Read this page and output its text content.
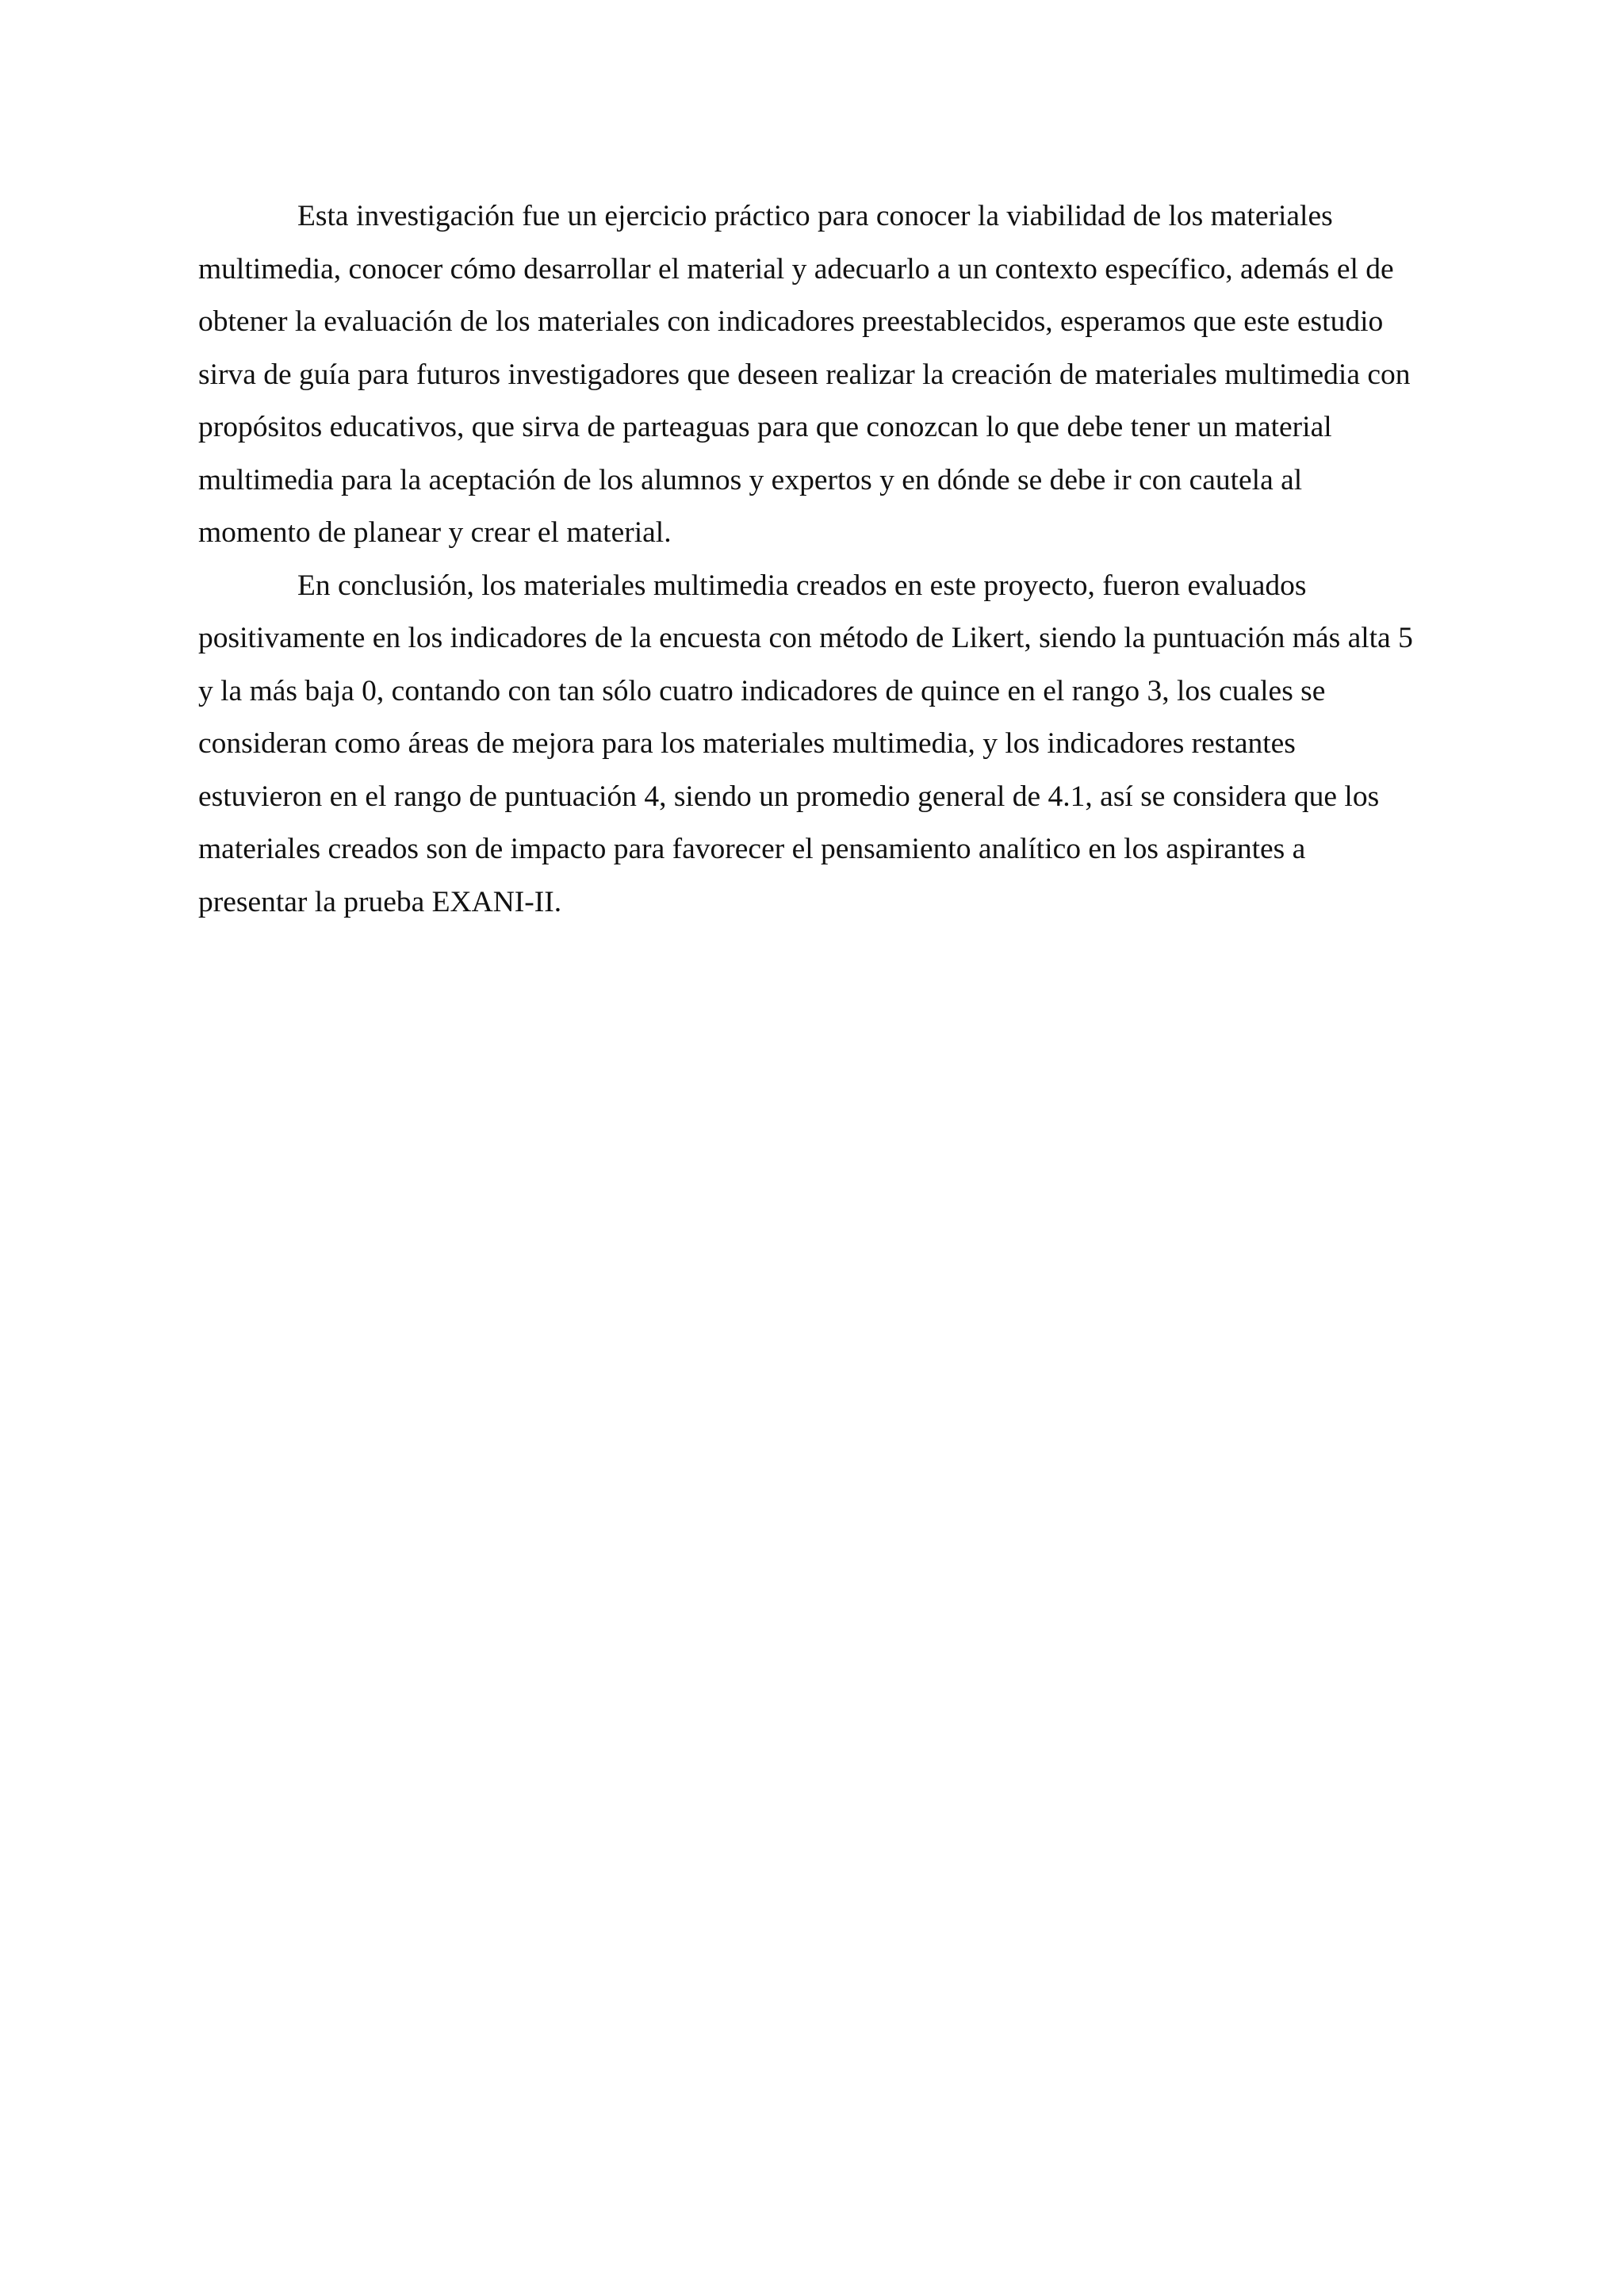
Esta investigación fue un ejercicio práctico para conocer la viabilidad de los materiales
multimedia, conocer cómo desarrollar el material y adecuarlo a un contexto específico, además el de
obtener la evaluación de los materiales con indicadores preestablecidos, esperamos que este estudio
sirva de guía para futuros investigadores que deseen realizar la creación de materiales multimedia con
propósitos educativos, que sirva de parteaguas para que conozcan lo que debe tener un material
multimedia para la aceptación de los alumnos y expertos y en dónde se debe ir con cautela al
momento de planear y crear el material.

En conclusión, los materiales multimedia creados en este proyecto, fueron evaluados
positivamente en los indicadores de la encuesta con método de Likert, siendo la puntuación más alta 5
y la más baja 0, contando con tan sólo cuatro indicadores de quince en el rango 3, los cuales se
consideran como áreas de mejora para los materiales multimedia, y los indicadores restantes
estuvieron en el rango de puntuación 4, siendo un promedio general de 4.1, así se considera que los
materiales creados son de impacto para favorecer el pensamiento analítico en los aspirantes a
presentar la prueba EXANI-II.
